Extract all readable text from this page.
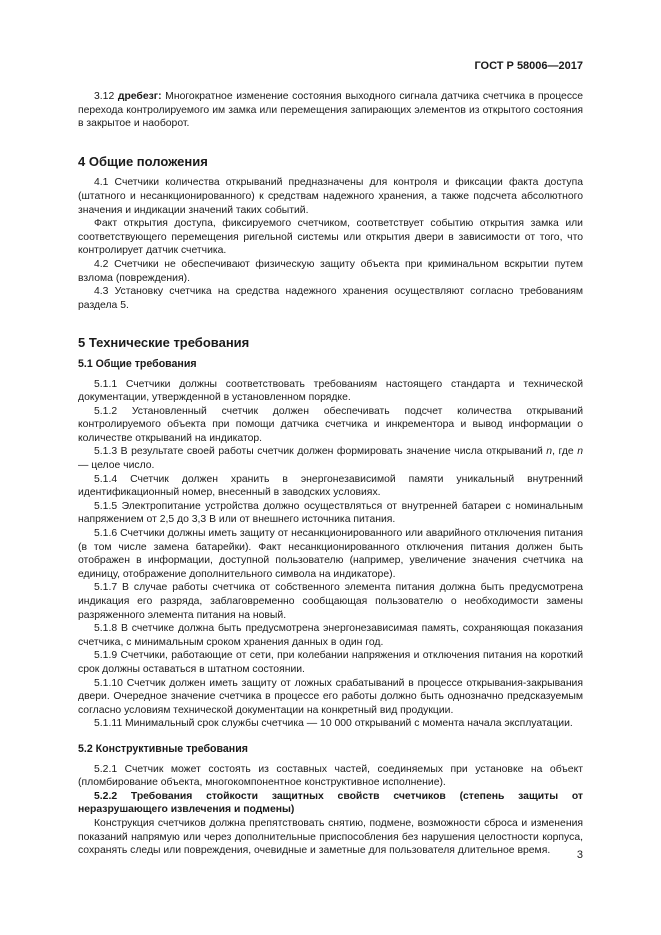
ГОСТ Р 58006—2017

3.12 дребезг: Многократное изменение состояния выходного сигнала датчика счетчика в процессе перехода контролируемого им замка или перемещения запирающих элементов из открытого состояния в закрытое и наоборот.

4 Общие положения

4.1 Счетчики количества открываний предназначены для контроля и фиксации факта доступа (штатного и несанкционированного) к средствам надежного хранения, а также подсчета абсолютного значения и индикации значений таких событий.

Факт открытия доступа, фиксируемого счетчиком, соответствует событию открытия замка или соответствующего перемещения ригельной системы или открытия двери в зависимости от того, что контролирует датчик счетчика.

4.2 Счетчики не обеспечивают физическую защиту объекта при криминальном вскрытии путем взлома (повреждения).

4.3 Установку счетчика на средства надежного хранения осуществляют согласно требованиям раздела 5.

5 Технические требования
5.1 Общие требования

5.1.1 Счетчики должны соответствовать требованиям настоящего стандарта и технической документации, утвержденной в установленном порядке.

5.1.2 Установленный счетчик должен обеспечивать подсчет количества открываний контролируемого объекта при помощи датчика счетчика и инкрементора и вывод информации о количестве открываний на индикатор.

5.1.3 В результате своей работы счетчик должен формировать значение числа открываний n, где n — целое число.

5.1.4 Счетчик должен хранить в энергонезависимой памяти уникальный внутренний идентификационный номер, внесенный в заводских условиях.

5.1.5 Электропитание устройства должно осуществляться от внутренней батареи с номинальным напряжением от 2,5 до 3,3 В или от внешнего источника питания.

5.1.6 Счетчики должны иметь защиту от несанкционированного или аварийного отключения питания (в том числе замена батарейки). Факт несанкционированного отключения питания должен быть отображен в информации, доступной пользователю (например, увеличение значения счетчика на единицу, отображение дополнительного символа на индикаторе).

5.1.7 В случае работы счетчика от собственного элемента питания должна быть предусмотрена индикация его разряда, заблаговременно сообщающая пользователю о необходимости замены разряженного элемента питания на новый.

5.1.8 В счетчике должна быть предусмотрена энергонезависимая память, сохраняющая показания счетчика, с минимальным сроком хранения данных в один год.

5.1.9 Счетчики, работающие от сети, при колебании напряжения и отключения питания на короткий срок должны оставаться в штатном состоянии.

5.1.10 Счетчик должен иметь защиту от ложных срабатываний в процессе открывания-закрывания двери. Очередное значение счетчика в процессе его работы должно быть однозначно предсказуемым согласно условиям технической документации на конкретный вид продукции.

5.1.11 Минимальный срок службы счетчика — 10 000 открываний с момента начала эксплуатации.

5.2 Конструктивные требования

5.2.1 Счетчик может состоять из составных частей, соединяемых при установке на объект (пломбирование объекта, многокомпонентное конструктивное исполнение).

5.2.2 Требования стойкости защитных свойств счетчиков (степень защиты от неразрушающего извлечения и подмены)

Конструкция счетчиков должна препятствовать снятию, подмене, возможности сброса и изменения показаний напрямую или через дополнительные приспособления без нарушения целостности корпуса, сохранять следы или повреждения, очевидные и заметные для пользователя длительное время.	3
